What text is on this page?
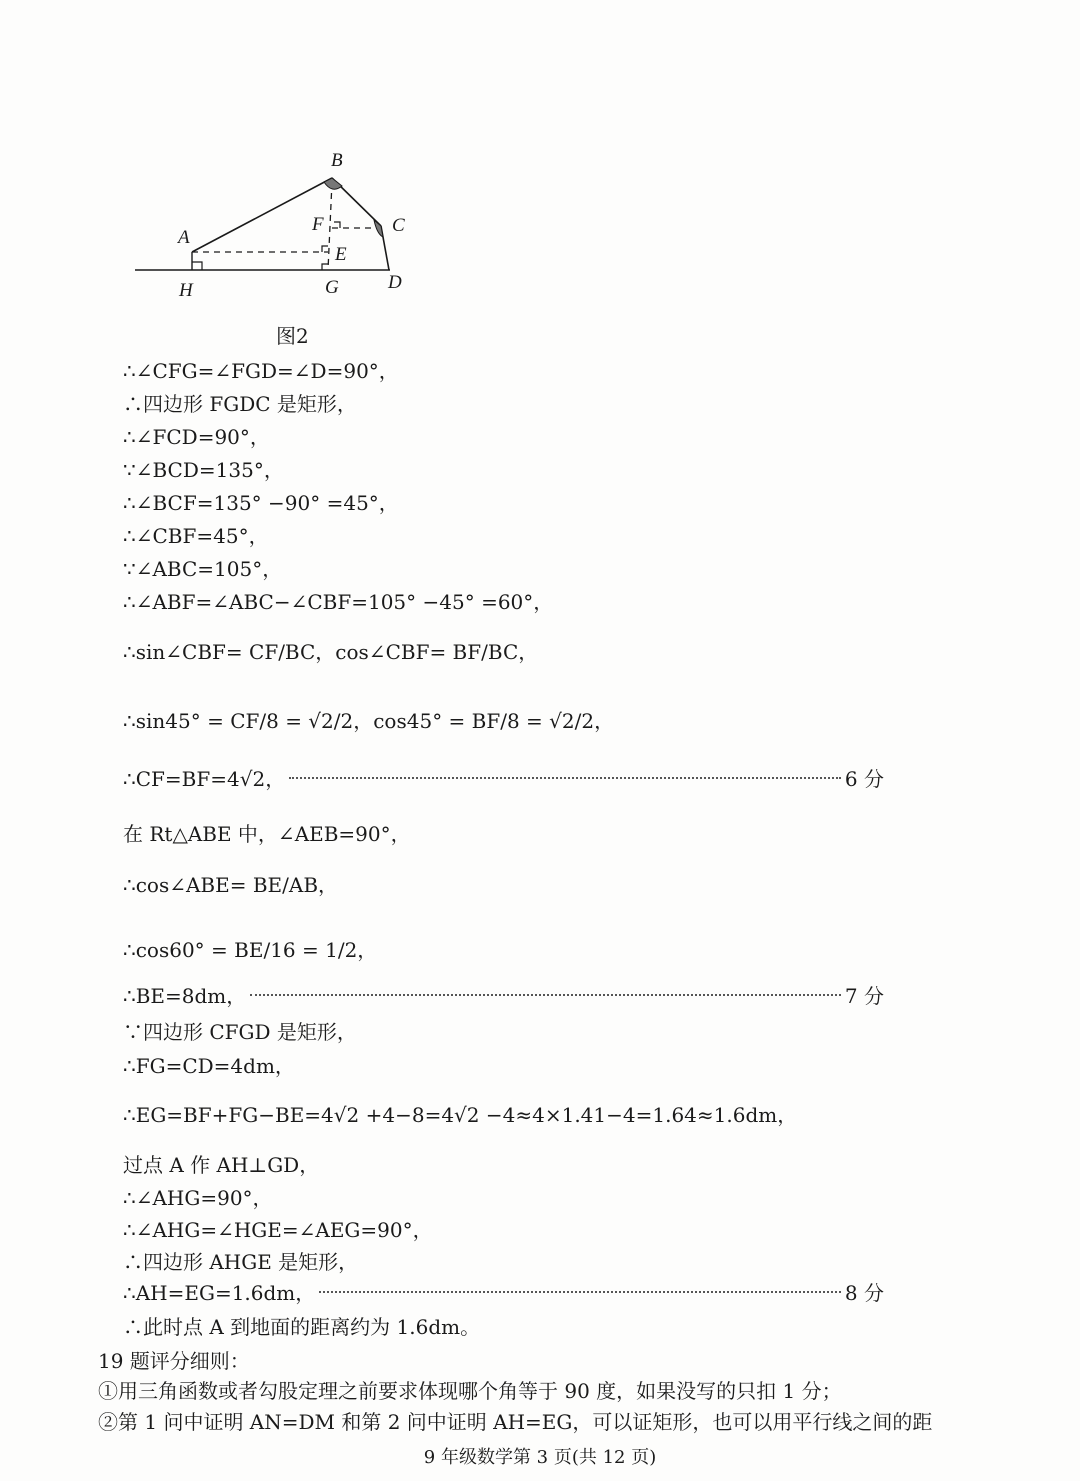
B
A
C
D
F
E
G
H
图2
∴∠CFG=∠FGD=∠D=90°，
∴四边形 FGDC 是矩形，
∴∠FCD=90°，
∵∠BCD=135°，
∴∠BCF=135° −90° =45°，
∴∠CBF=45°，
∵∠ABC=105°，
∴∠ABF=∠ABC−∠CBF=105° −45° =60°，
∴sin∠CBF= CF/BC，cos∠CBF= BF/BC，
∴sin45° = CF/8 = √2/2，cos45° = BF/8 = √2/2，
∴CF=BF=4√2，	6 分
在 Rt△ABE 中，∠AEB=90°，
∴cos∠ABE= BE/AB，
∴cos60° = BE/16 = 1/2，
∴BE=8dm，	7 分
∵四边形 CFGD 是矩形，
∴FG=CD=4dm，
∴EG=BF+FG−BE=4√2 +4−8=4√2 −4≈4×1.41−4=1.64≈1.6dm，
过点 A 作 AH⊥GD，
∴∠AHG=90°，
∴∠AHG=∠HGE=∠AEG=90°，
∴四边形 AHGE 是矩形，
∴AH=EG=1.6dm，	8 分
∴此时点 A 到地面的距离约为 1.6dm。
19 题评分细则：
①用三角函数或者勾股定理之前要求体现哪个角等于 90 度，如果没写的只扣 1 分；
②第 1 问中证明 AN=DM 和第 2 问中证明 AH=EG，可以证矩形，也可以用平行线之间的距
9 年级数学第 3 页(共 12 页)
